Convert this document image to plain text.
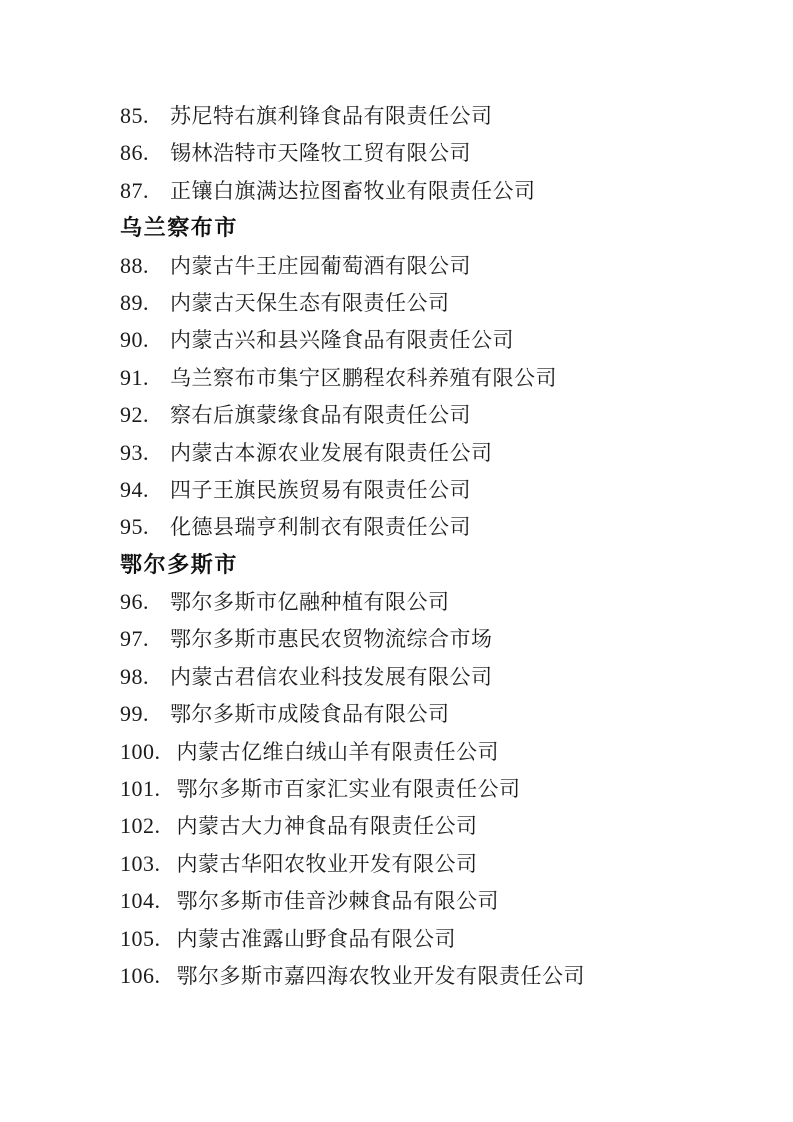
85. 苏尼特右旗利锋食品有限责任公司
86. 锡林浩特市天隆牧工贸有限公司
87. 正镶白旗满达拉图畜牧业有限责任公司
乌兰察布市
88. 内蒙古牛王庄园葡萄酒有限公司
89. 内蒙古天保生态有限责任公司
90. 内蒙古兴和县兴隆食品有限责任公司
91. 乌兰察布市集宁区鹏程农科养殖有限公司
92. 察右后旗蒙缘食品有限责任公司
93. 内蒙古本源农业发展有限责任公司
94. 四子王旗民族贸易有限责任公司
95. 化德县瑞亨利制衣有限责任公司
鄂尔多斯市
96. 鄂尔多斯市亿融种植有限公司
97. 鄂尔多斯市惠民农贸物流综合市场
98. 内蒙古君信农业科技发展有限公司
99. 鄂尔多斯市成陵食品有限公司
100. 内蒙古亿维白绒山羊有限责任公司
101. 鄂尔多斯市百家汇实业有限责任公司
102. 内蒙古大力神食品有限责任公司
103. 内蒙古华阳农牧业开发有限公司
104. 鄂尔多斯市佳音沙棘食品有限公司
105. 内蒙古准露山野食品有限公司
106. 鄂尔多斯市嘉四海农牧业开发有限责任公司
